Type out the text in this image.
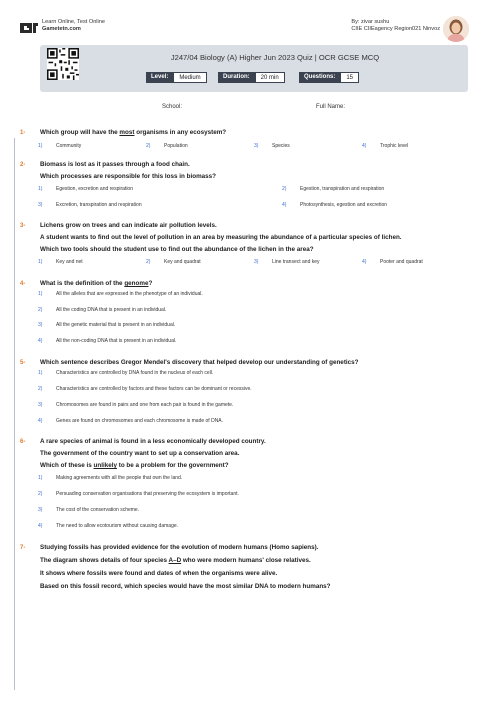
Learn Online, Test Online
Gametetn.com
By: zivar sushu
CIIE CIIEagency Region021 Ninvoz
J247/04 Biology (A) Higher Jun 2023 Quiz | OCR GCSE MCQ
Level:	Medium	Duration:	20 min	Questions:	15
School:	Full Name:
1- Which group will have the most organisms in any ecosystem?
1)	Community	2)	Population	3)	Species	4)	Trophic level
2- Biomass is lost as it passes through a food chain.
Which processes are responsible for this loss in biomass?
1)	Egestion, excretion and respiration	2)	Egestion, transpiration and respiration
3)	Excretion, transpiration and respiration	4)	Photosynthesis, egestion and excretion
3- Lichens grow on trees and can indicate air pollution levels.
A student wants to find out the level of pollution in an area by measuring the abundance of a particular species of lichen.
Which two tools should the student use to find out the abundance of the lichen in the area?
1)	Key and net	2)	Key and quadrat	3)	Line transect and key	4)	Pooter and quadrat
4- What is the definition of the genome?
1)	All the alleles that are expressed in the phenotype of an individual.
2)	All the coding DNA that is present in an individual.
3)	All the genetic material that is present in an individual.
4)	All the non-coding DNA that is present in an individual.
5- Which sentence describes Gregor Mendel's discovery that helped develop our understanding of genetics?
1)	Characteristics are controlled by DNA found in the nucleus of each cell.
2)	Characteristics are controlled by factors and these factors can be dominant or recessive.
3)	Chromosomes are found in pairs and one from each pair is found in the gamete.
4)	Genes are found on chromosomes and each chromosome is made of DNA.
6- A rare species of animal is found in a less economically developed country.
The government of the country want to set up a conservation area.
Which of these is unlikely to be a problem for the government?
1)	Making agreements with all the people that own the land.
2)	Persuading conservation organisations that preserving the ecosystem is important.
3)	The cost of the conservation scheme.
4)	The need to allow ecotourism without causing damage.
7- Studying fossils has provided evidence for the evolution of modern humans (Homo sapiens).
The diagram shows details of four species A–D who were modern humans' close relatives.
It shows where fossils were found and dates of when the organisms were alive.
Based on this fossil record, which species would have the most similar DNA to modern humans?
